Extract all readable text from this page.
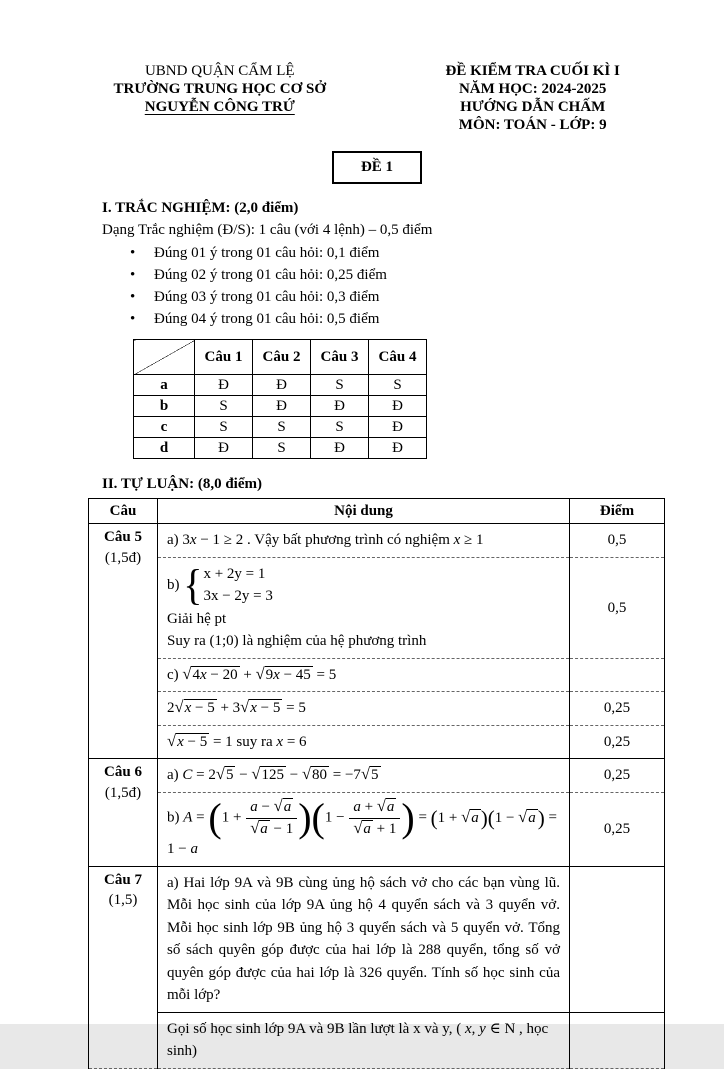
UBND QUẬN CẨM LỆ
TRƯỜNG TRUNG HỌC CƠ SỞ
NGUYỄN CÔNG TRỨ
ĐỀ KIỂM TRA CUỐI KÌ I
NĂM HỌC: 2024-2025
HƯỚNG DẪN CHẤM
MÔN: TOÁN - LỚP: 9
ĐỀ 1
I. TRẮC NGHIỆM: (2,0 điểm)
Dạng Trắc nghiệm (Đ/S): 1 câu (với 4 lệnh) – 0,5 điểm
• Đúng 01 ý trong 01 câu hỏi: 0,1 điểm
• Đúng 02 ý trong 01 câu hỏi: 0,25 điểm
• Đúng 03 ý trong 01 câu hỏi: 0,3 điểm
• Đúng 04 ý trong 01 câu hỏi: 0,5 điểm
	Câu 1	Câu 2	Câu 3	Câu 4
a	Đ	Đ	S	S
b	S	Đ	Đ	Đ
c	S	S	S	Đ
d	Đ	S	Đ	Đ
II. TỰ LUẬN: (8,0 điểm)
Câu	Nội dung	Điểm

Câu 5
(1,5đ)	a) 3x − 1 ≥ 2 . Vậy bất phương trình có nghiệm x ≥ 1	0,5
b) { x + 2y = 1
3x − 2y = 3

Giải hệ pt
Suy ra (1;0) là nghiệm của hệ phương trình	0,5
	c) √4x − 20 + √9x − 45 = 5	
	2√x − 5 + 3√x − 5 = 5	0,25
	√x − 5 = 1 suy ra x = 6	0,25

Câu 6
(1,5đ)	a) C = 2√5 − √125 − √80 = −7√5	0,25
b) A = ( $1 + \frac{a - √a}{√a - 1}$ ) ( $1 - \frac{a + √a}{√a + 1}$ ) = ( 1 + √a ) ( 1 − √a ) = 1 − a	0,25

Câu 7
(1,5)	a) Hai lớp 9A và 9B cùng ủng hộ sách vở cho các bạn vùng lũ. Mỗi học sinh của lớp 9A ủng hộ 4 quyển sách và 3 quyển vở. Mỗi học sinh lớp 9B ủng hộ 3 quyển sách và 5 quyển vở. Tổng số sách quyên góp được của hai lớp là 288 quyển, tổng số vở quyên góp được của hai lớp là 326 quyển. Tính số học sinh của mỗi lớp?	
	Gọi số học sinh lớp 9A và 9B lần lượt là x và y, ( x, y ∈ N , học sinh)	
